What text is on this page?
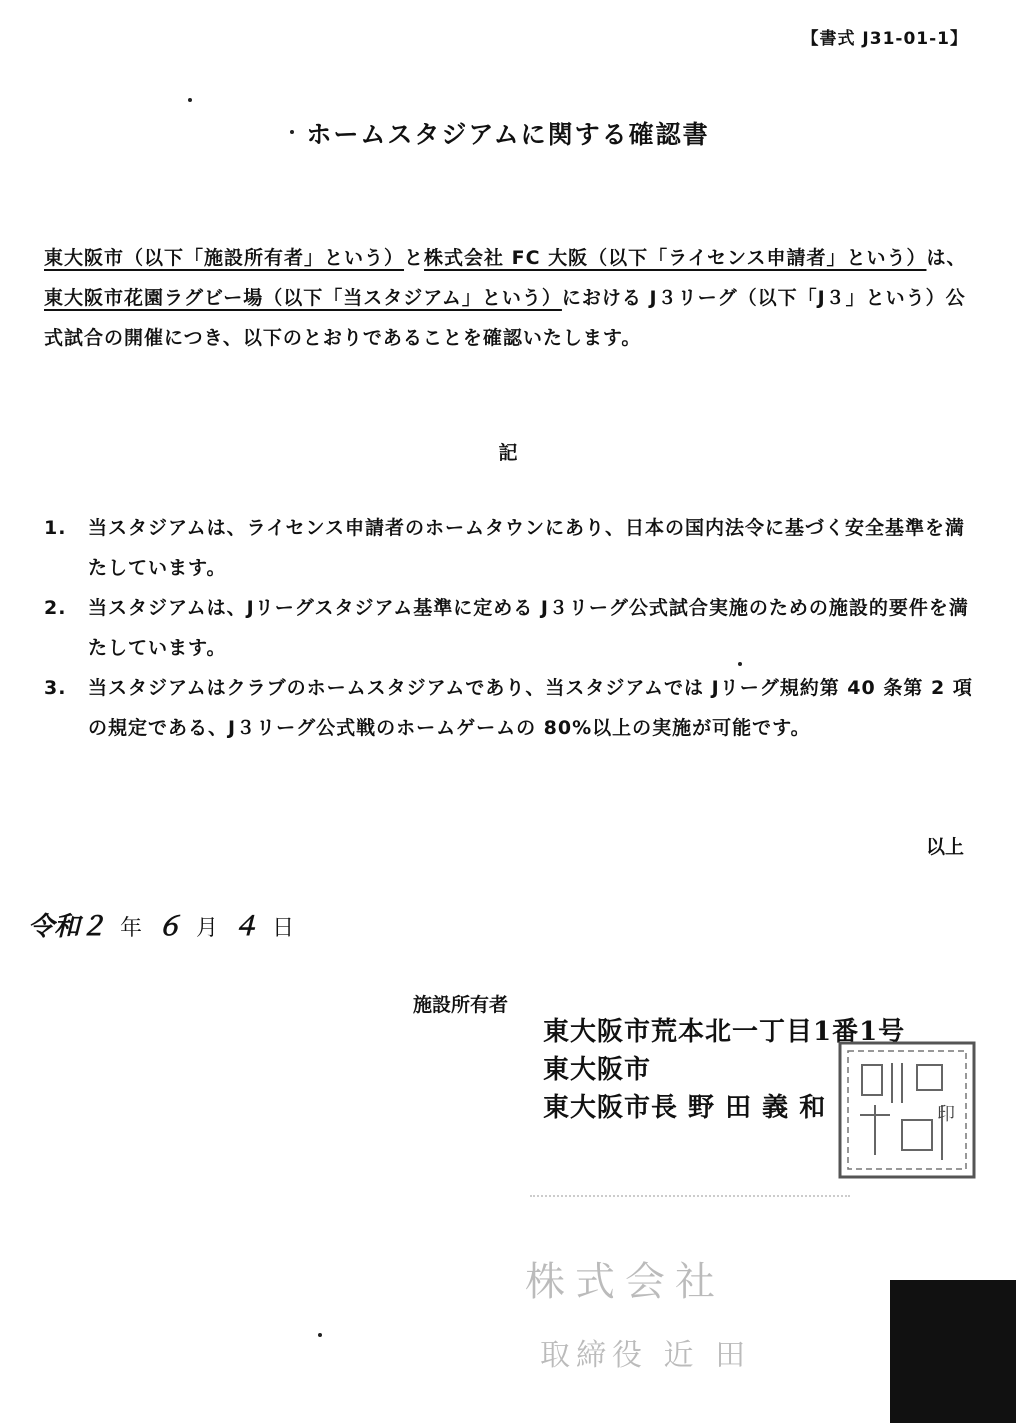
【書式 J31-01-1】
ホームスタジアムに関する確認書
東大阪市（以下「施設所有者」という）と株式会社 FC 大阪（以下「ライセンス申請者」という）は、東大阪市花園ラグビー場（以下「当スタジアム」という）における J３リーグ（以下「J３」という）公式試合の開催につき、以下のとおりであることを確認いたします。
記
1.	当スタジアムは、ライセンス申請者のホームタウンにあり、日本の国内法令に基づく安全基準を満たしています。
2.	当スタジアムは、Jリーグスタジアム基準に定める J３リーグ公式試合実施のための施設的要件を満たしています。
3.	当スタジアムはクラブのホームスタジアムであり、当スタジアムでは Jリーグ規約第 40 条第 2 項の規定である、J３リーグ公式戦のホームゲームの 80%以上の実施が可能です。
以上
令和２ 年 ６ 月 ４ 日
施設所有者
東大阪市荒本北一丁目1番1号
東大阪市
東大阪市長 野 田 義 和	印
株式会社
取締役 近 田
